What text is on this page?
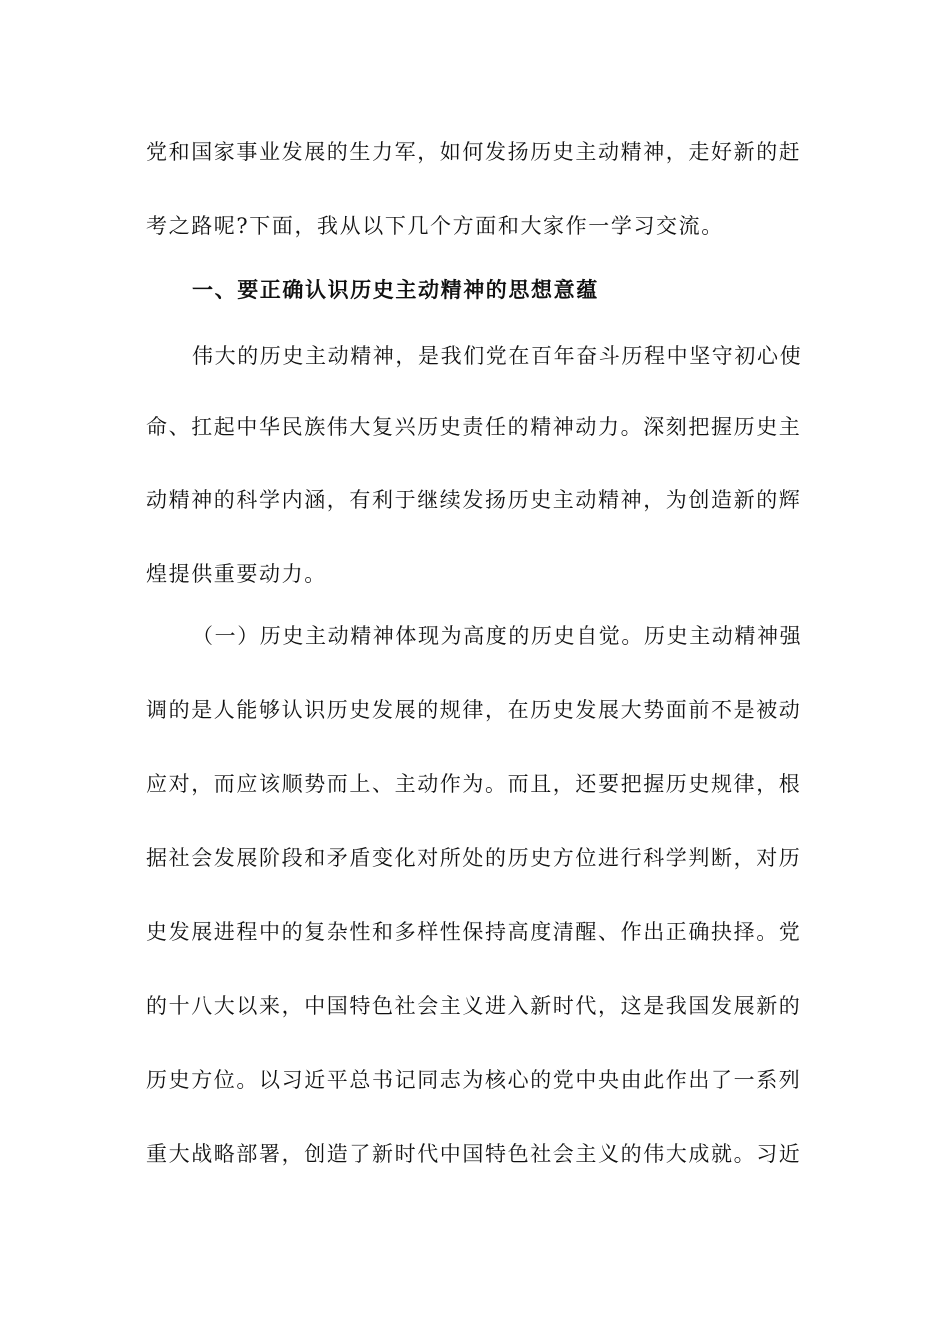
党和国家事业发展的生力军，如何发扬历史主动精神，走好新的赶
考之路呢?下面，我从以下几个方面和大家作一学习交流。
一、要正确认识历史主动精神的思想意蕴
伟大的历史主动精神，是我们党在百年奋斗历程中坚守初心使
命、扛起中华民族伟大复兴历史责任的精神动力。深刻把握历史主
动精神的科学内涵，有利于继续发扬历史主动精神，为创造新的辉
煌提供重要动力。
（一）历史主动精神体现为高度的历史自觉。历史主动精神强
调的是人能够认识历史发展的规律，在历史发展大势面前不是被动
应对，而应该顺势而上、主动作为。而且，还要把握历史规律，根
据社会发展阶段和矛盾变化对所处的历史方位进行科学判断，对历
史发展进程中的复杂性和多样性保持高度清醒、作出正确抉择。党
的十八大以来，中国特色社会主义进入新时代，这是我国发展新的
历史方位。以习近平总书记同志为核心的党中央由此作出了一系列
重大战略部署，创造了新时代中国特色社会主义的伟大成就。习近
